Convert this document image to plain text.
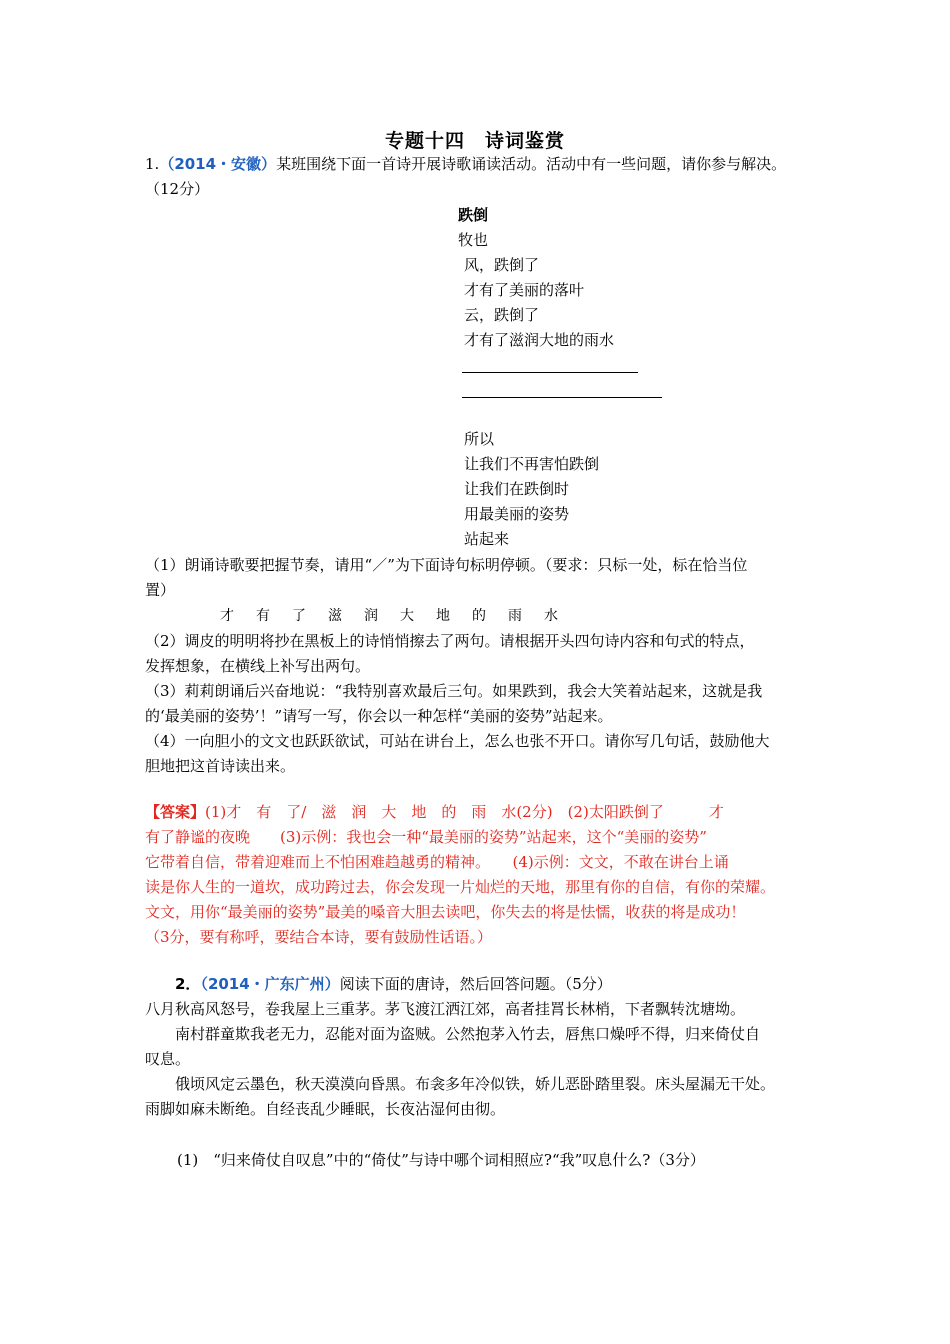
专题十四　诗词鉴赏
1.（2014・安徽）某班围绕下面一首诗开展诗歌诵读活动。活动中有一些问题，请你参与解决。
（12分）
跌倒
牧也
风，跌倒了
才有了美丽的落叶
云，跌倒了
才有了滋润大地的雨水
所以
让我们不再害怕跌倒
让我们在跌倒时
用最美丽的姿势
站起来
（1）朗诵诗歌要把握节奏，请用“／”为下面诗句标明停顿。（要求：只标一处，标在恰当位
置）
才　有　了　滋　润　大　地　的　雨　水
（2）调皮的明明将抄在黑板上的诗悄悄擦去了两句。请根据开头四句诗内容和句式的特点，
发挥想象，在横线上补写出两句。
（3）莉莉朗诵后兴奋地说：“我特别喜欢最后三句。如果跌到，我会大笑着站起来，这就是我
的‘最美丽的姿势’！”请写一写，你会以一种怎样“美丽的姿势”站起来。
（4）一向胆小的文文也跃跃欲试，可站在讲台上，怎么也张不开口。请你写几句话，鼓励他大
胆地把这首诗读出来。
【答案】(1)才　有　了/　滋　润　大　地　的　雨　水(2分)　(2)太阳跌倒了　　　才
有了静谧的夜晚　　(3)示例：我也会一种“最美丽的姿势”站起来，这个“美丽的姿势”
它带着自信，带着迎难而上不怕困难趋越勇的精神。　　(4)示例：文文，不敢在讲台上诵
读是你人生的一道坎，成功跨过去，你会发现一片灿烂的天地，那里有你的自信，有你的荣耀。
文文，用你“最美丽的姿势”最美的嗓音大胆去读吧，你失去的将是怯懦，收获的将是成功！
（3分，要有称呼，要结合本诗，要有鼓励性话语。）
2．（2014・广东广州）阅读下面的唐诗，然后回答问题。（5分）
八月秋高风怒号，卷我屋上三重茅。茅飞渡江洒江郊，高者挂罥长林梢，下者飘转沈塘坳。
　　南村群童欺我老无力，忍能对面为盗贼。公然抱茅入竹去，唇焦口燥呼不得，归来倚仗自
叹息。
　　俄顷风定云墨色，秋天漠漠向昏黑。布衾多年冷似铁，娇儿恶卧踏里裂。床头屋漏无干处。
雨脚如麻未断绝。自经丧乱少睡眠，长夜沾湿何由彻。
(1)　“归来倚仗自叹息”中的“倚仗”与诗中哪个词相照应?“我”叹息什么?（3分）
